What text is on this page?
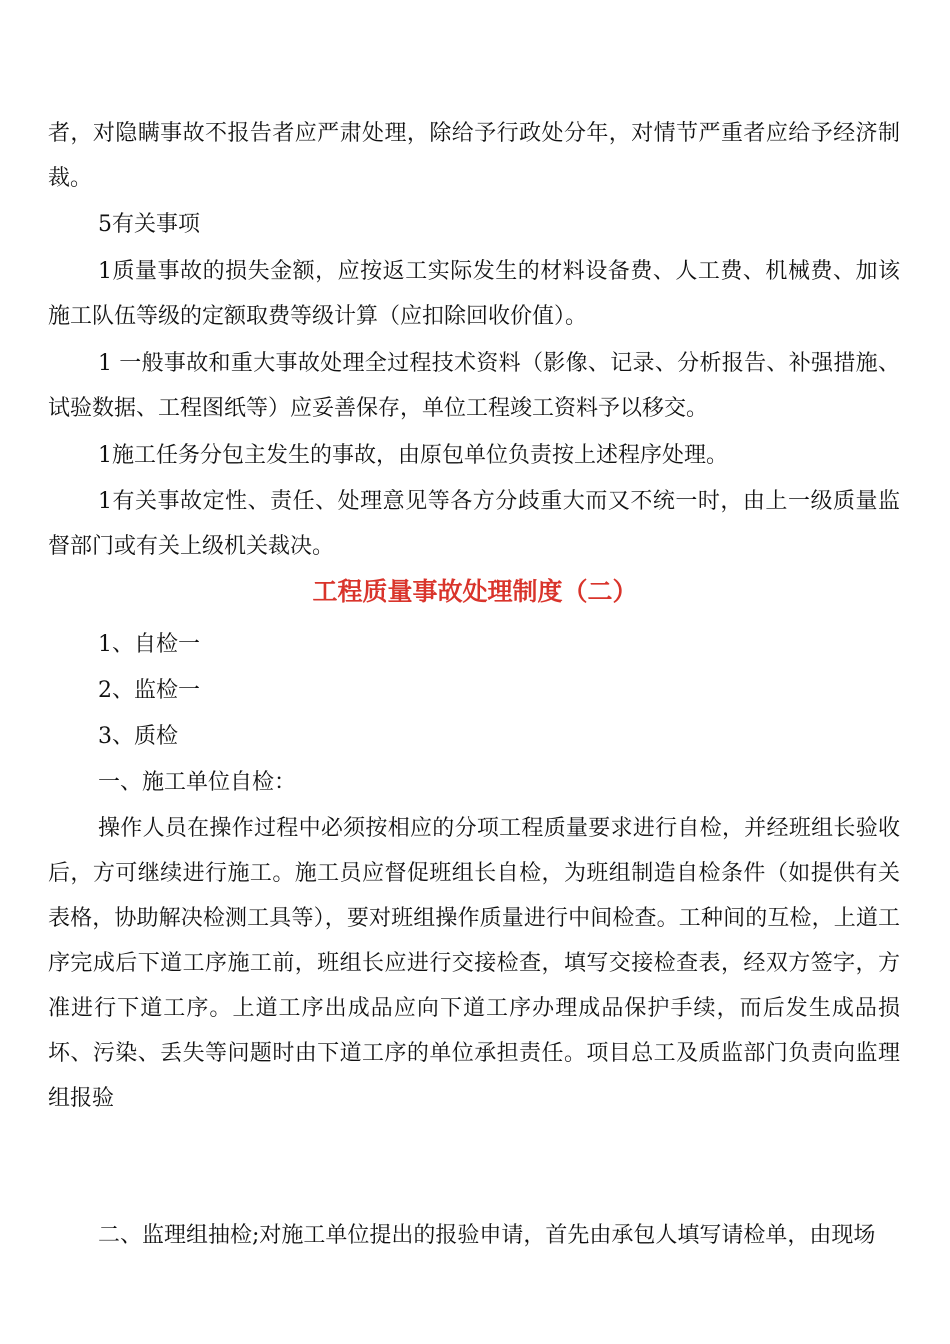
者，对隐瞒事故不报告者应严肃处理，除给予行政处分年，对情节严重者应给予经济制裁。

5有关事项

1质量事故的损失金额，应按返工实际发生的材料设备费、人工费、机械费、加该施工队伍等级的定额取费等级计算（应扣除回收价值）。

1 一般事故和重大事故处理全过程技术资料（影像、记录、分析报告、补强措施、试验数据、工程图纸等）应妥善保存，单位工程竣工资料予以移交。

1施工任务分包主发生的事故，由原包单位负责按上述程序处理。

1有关事故定性、责任、处理意见等各方分歧重大而又不统一时，由上一级质量监督部门或有关上级机关裁决。

工程质量事故处理制度（二）

1、自检一

2、监检一

3、质检

一、施工单位自检：

操作人员在操作过程中必须按相应的分项工程质量要求进行自检，并经班组长验收后，方可继续进行施工。施工员应督促班组长自检，为班组制造自检条件（如提供有关表格，协助解决检测工具等），要对班组操作质量进行中间检查。工种间的互检，上道工序完成后下道工序施工前，班组长应进行交接检查，填写交接检查表，经双方签字，方准进行下道工序。上道工序出成品应向下道工序办理成品保护手续，而后发生成品损坏、污染、丢失等问题时由下道工序的单位承担责任。项目总工及质监部门负责向监理组报验

二、监理组抽检;对施工单位提出的报验申请，首先由承包人填写请检单，由现场
